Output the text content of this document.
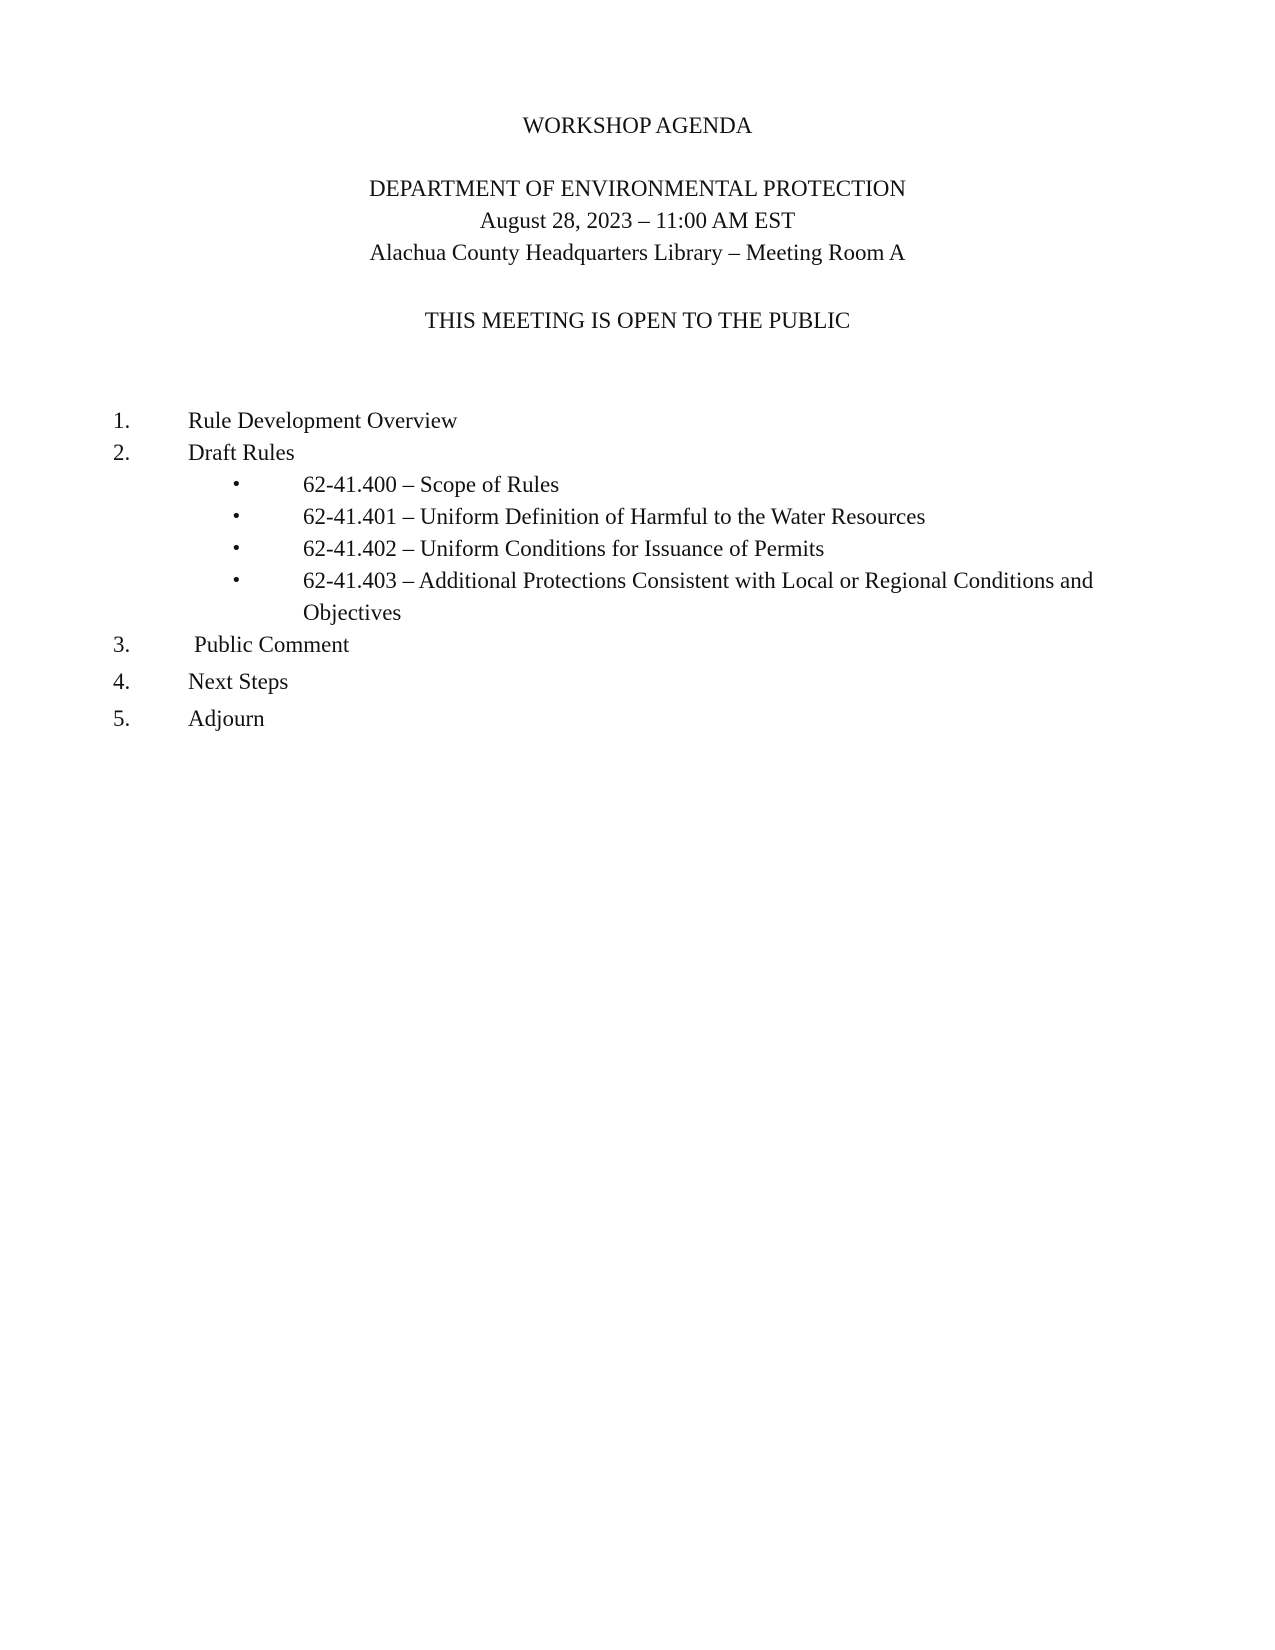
WORKSHOP AGENDA

DEPARTMENT OF ENVIRONMENTAL PROTECTION

August 28, 2023 – 11:00 AM EST

Alachua County Headquarters Library – Meeting Room A

THIS MEETING IS OPEN TO THE PUBLIC

1.	Rule Development Overview
2.	Draft Rules
•	62-41.400 – Scope of Rules
•	62-41.401 – Uniform Definition of Harmful to the Water Resources
•	62-41.402 – Uniform Conditions for Issuance of Permits
•	62-41.403 – Additional Protections Consistent with Local or Regional Conditions and Objectives
3.	Public Comment
4.	Next Steps
5.	Adjourn
